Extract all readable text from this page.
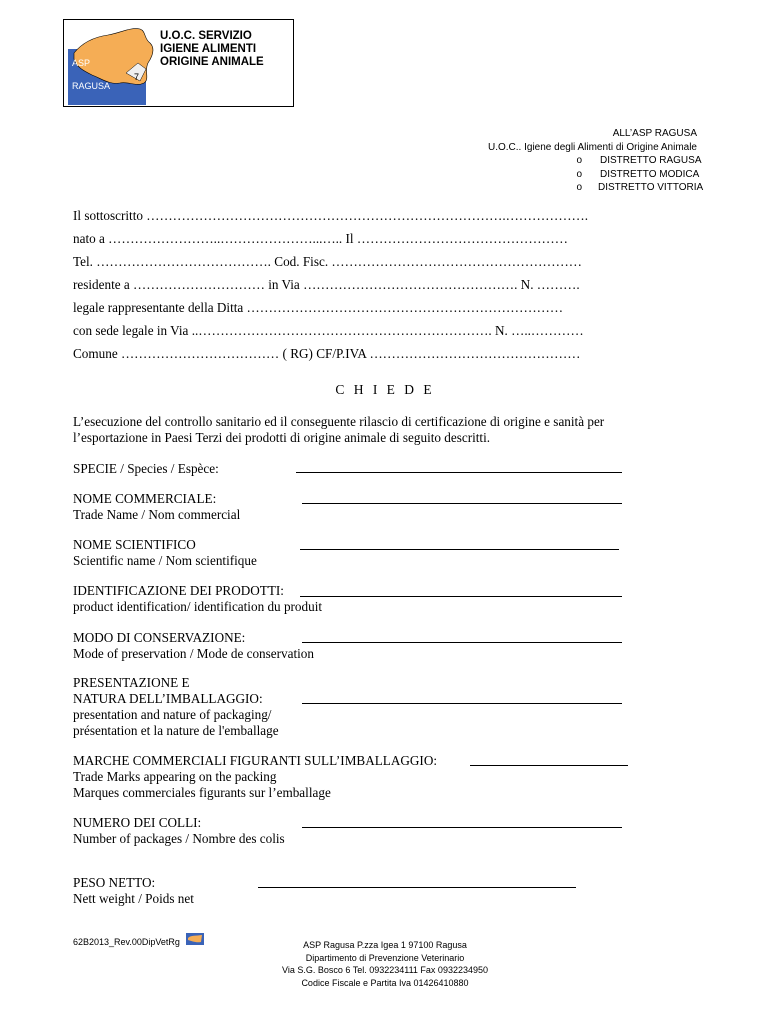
ASP
RAGUSA
7
U.O.C. SERVIZIO
IGIENE ALIMENTI
ORIGINE ANIMALE
ALL’ASP RAGUSA
U.O.C.. Igiene degli Alimenti di Origine Animale
o DISTRETTO RAGUSA
o DISTRETTO MODICA
o DISTRETTO VITTORIA
Il sottoscritto ……………………………………………………………………….……………….
nato a ……………………..…………………...….. Il …………………………………………
Tel. …………………………………. Cod. Fisc. …………………………………………………
residente a ………………………… in Via …………………………………………. N. ……….
legale rappresentante della Ditta ………………………………………………………………
con sede legale in Via ..…………………………………………………………. N. …..…………
Comune ……………………………… ( RG) CF/P.IVA …………………………………………
C H I E D E
L’esecuzione del controllo sanitario ed il conseguente rilascio di certificazione di origine e sanità per l’esportazione in Paesi Terzi dei prodotti di origine animale di seguito descritti.
SPECIE / Species / Espèce:
NOME COMMERCIALE:
Trade Name / Nom commercial
NOME SCIENTIFICO
Scientific name / Nom scientifique
IDENTIFICAZIONE DEI PRODOTTI:
product identification/ identification du produit
MODO DI CONSERVAZIONE:
Mode of preservation / Mode de conservation
PRESENTAZIONE E
NATURA DELL’IMBALLAGGIO:
presentation and nature of packaging/
présentation et la nature de l'emballage
MARCHE COMMERCIALI FIGURANTI SULL’IMBALLAGGIO:
Trade Marks appearing on the packing
Marques commerciales figurants sur l’emballage
NUMERO DEI COLLI:
Number of packages / Nombre des colis
PESO NETTO:
Nett weight / Poids net
62B2013_Rev.00DipVetRg	ASP Ragusa P.zza Igea 1 97100 Ragusa
Dipartimento di Prevenzione Veterinario
Via S.G. Bosco 6 Tel. 0932234111 Fax 0932234950
Codice Fiscale e Partita Iva 01426410880
